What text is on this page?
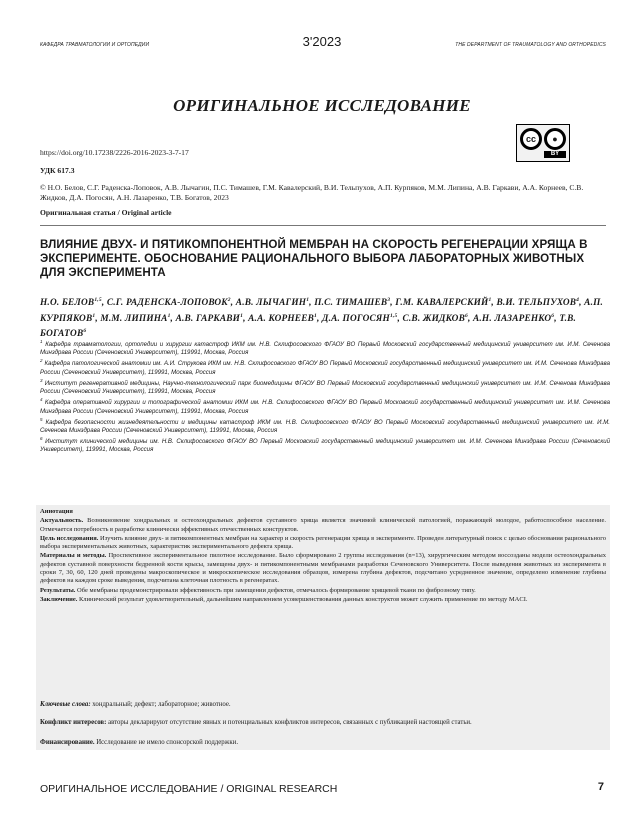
КАФЕДРА ТРАВМАТОЛОГИИ И ОРТОПЕДИИ	3'2023	THE DEPARTMENT OF TRAUMATOLOGY AND ORTHOPEDICS
ОРИГИНАЛЬНОЕ ИССЛЕДОВАНИЕ
cc	●
BY
https://doi.org/10.17238/2226-2016-2023-3-7-17
УДК 617.3
© Н.О. Белов, С.Г. Раденска-Лоповок, А.В. Лычагин, П.С. Тимашев, Г.М. Кавалерский, В.И. Тельпухов, А.П. Курпяков, М.М. Липина, А.В. Гаркави, А.А. Корнеев, С.В. Жидков, Д.А. Погосян, А.Н. Лазаренко, Т.В. Богатов, 2023
Оригинальная статья / Original article
ВЛИЯНИЕ ДВУХ- И ПЯТИКОМПОНЕНТНОЙ МЕМБРАН НА СКОРОСТЬ РЕГЕНЕРАЦИИ ХРЯЩА В ЭКСПЕРИМЕНТЕ. ОБОСНОВАНИЕ РАЦИОНАЛЬНОГО ВЫБОРА ЛАБОРАТОРНЫХ ЖИВОТНЫХ ДЛЯ ЭКСПЕРИМЕНТА
Н.О. БЕЛОВ$^{1,5}$, С.Г. РАДЕНСКА-ЛОПОВОК$^2$, А.В. ЛЫЧАГИН$^1$, П.С. ТИМАШЕВ$^3$, Г.М. КАВАЛЕРСКИЙ$^1$, В.И. ТЕЛЬПУХОВ$^4$, А.П. КУРПЯКОВ$^1$, М.М. ЛИПИНА$^1$, А.В. ГАРКАВИ$^1$, А.А. КОРНЕЕВ$^1$, Д.А. ПОГОСЯН$^{1,5}$, С.В. ЖИДКОВ$^6$, А.Н. ЛАЗАРЕНКО$^6$, Т.В. БОГАТОВ$^6$

$^1$ Кафедра травматологии, ортопедии и хирургии катастроф ИКМ им. Н.В. Склифосовского ФГАОУ ВО Первый Московский государственный медицинский университет им. И.М. Сеченова Минздрава России (Сеченовский Университет), 119991, Москва, Россия

$^2$ Кафедра патологической анатомии им. А.И. Струкова ИКМ им. Н.В. Склифосовского ФГАОУ ВО Первый Московский государственный медицинский университет им. И.М. Сеченова Минздрава России (Сеченовский Университет), 119991, Москва, Россия

$^3$ Институт регенеративной медицины, Научно-технологический парк биомедицины ФГАОУ ВО Первый Московский государственный медицинский университет им. И.М. Сеченова Минздрава России (Сеченовский Университет), 119991, Москва, Россия

$^4$ Кафедра оперативной хирургии и топографической анатомии ИКМ им. Н.В. Склифосовского ФГАОУ ВО Первый Московский государственный медицинский университет им. И.М. Сеченова Минздрава России (Сеченовский Университет), 119991, Москва, Россия

$^5$ Кафедра безопасности жизнедеятельности и медицины катастроф ИКМ им. Н.В. Склифосовского ФГАОУ ВО Первый Московский государственный медицинский университет им. И.М. Сеченова Минздрава России (Сеченовский Университет), 119991, Москва, Россия

$^6$ Институт клинической медицины им. Н.В. Склифосовского ФГАОУ ВО Первый Московский государственный медицинский университет им. И.М. Сеченова Минздрава России (Сеченовский Университет), 119991, Москва, Россия

Аннотация

Актуальность. Возникновение хондральных и остеохондральных дефектов суставного хряща является значимой клинической патологией, поражающей молодое, работоспособное население. Отмечается потребность в разработке клинически эффективных отечественных конструктов.

Цель исследования. Изучить влияние двух- и пятикомпонентных мембран на характер и скорость регенерации хряща в эксперименте. Проведен литературный поиск с целью обоснования рационального выбора экспериментальных животных, характеристик экспериментального дефекта хряща.

Материалы и методы. Проспективное экспериментальное пилотное исследование. Было сформировано 2 группы исследования (n=13), хирургическим методом воссозданы модели остеохондральных дефектов суставной поверхности бедренной кости крысы, замещены двух- и пятикомпонентными мембранами разработки Сеченовского Университета. После выведения животных из эксперимента в сроки 7, 30, 60, 120 дней проведены макроскопическое и микроскопическое исследования образцов, измерена глубина дефектов, подсчитано усредненное значение, определено изменение глубины дефектов на каждом сроке выведения, подсчитана клеточная плотность в регенератах.

Результаты. Обе мембраны продемонстрировали эффективность при замещении дефектов, отмечалось формирование хрящевой ткани по фиброзному типу.

Заключение. Клинический результат удовлетворительный, дальнейшим направлением усовершенствования данных конструктов может служить применение по методу MACI.

Ключевые слова: хондральный; дефект; лабораторное; животное.
Конфликт интересов: авторы декларируют отсутствие явных и потенциальных конфликтов интересов, связанных с публикацией настоящей статьи.
Финансирование. Исследование не имело спонсорской поддержки.
ОРИГИНАЛЬНОЕ ИССЛЕДОВАНИЕ / ORIGINAL RESEARCH	7
